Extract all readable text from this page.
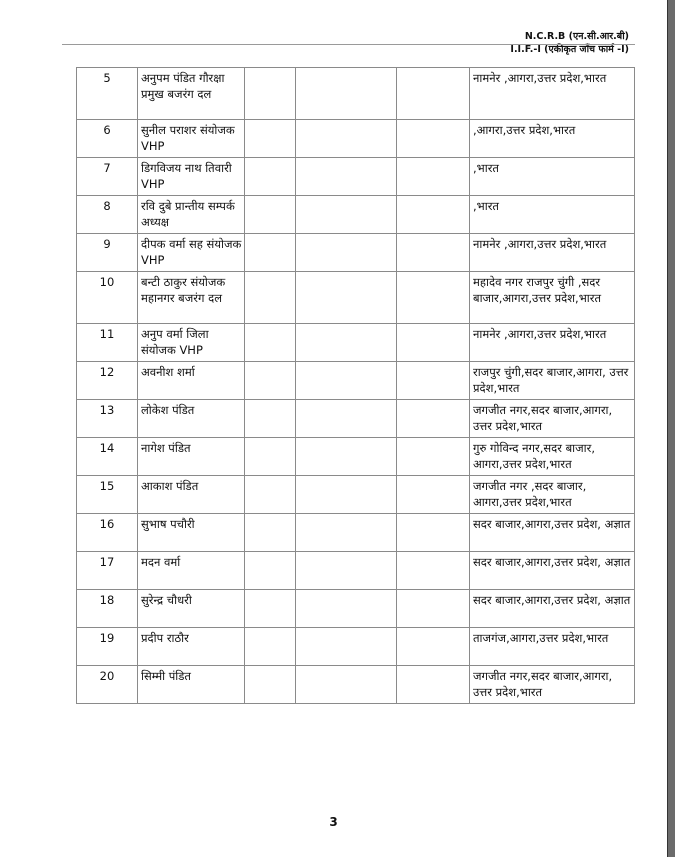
N.C.R.B (एन.सी.आर.बी)
I.I.F.-I (एकीकृत जाँच फार्म -I)
5	अनुपम पंडित गौरक्षा प्रमुख बजरंग दल				नामनेर ,आगरा,उत्तर प्रदेश,भारत
6	सुनील पराशर संयोजक VHP				,आगरा,उत्तर प्रदेश,भारत
7	डिगविजय नाथ तिवारी VHP				,भारत
8	रवि दुबे प्रान्तीय सम्पर्क अध्यक्ष				,भारत
9	दीपक वर्मा सह संयोजक VHP				नामनेर ,आगरा,उत्तर प्रदेश,भारत
10	बन्टी ठाकुर संयोजक महानगर बजरंग दल				महादेव नगर राजपुर चुंगी ,सदर बाजार,आगरा,उत्तर प्रदेश,भारत
11	अनुप वर्मा जिला संयोजक VHP				नामनेर ,आगरा,उत्तर प्रदेश,भारत
12	अवनीश शर्मा				राजपुर चुंगी,सदर बाजार,आगरा, उत्तर प्रदेश,भारत
13	लोकेश पंडित				जगजीत नगर,सदर बाजार,आगरा, उत्तर प्रदेश,भारत
14	नागेश पंडित				गुरु गोविन्द नगर,सदर बाजार, आगरा,उत्तर प्रदेश,भारत
15	आकाश पंडित				जगजीत नगर ,सदर बाजार, आगरा,उत्तर प्रदेश,भारत
16	सुभाष पचौरी				सदर बाजार,आगरा,उत्तर प्रदेश, अज्ञात
17	मदन वर्मा				सदर बाजार,आगरा,उत्तर प्रदेश, अज्ञात
18	सुरेन्द्र चौधरी				सदर बाजार,आगरा,उत्तर प्रदेश, अज्ञात
19	प्रदीप राठौर				ताजगंज,आगरा,उत्तर प्रदेश,भारत
20	सिम्मी पंडित				जगजीत नगर,सदर बाजार,आगरा, उत्तर प्रदेश,भारत
3
